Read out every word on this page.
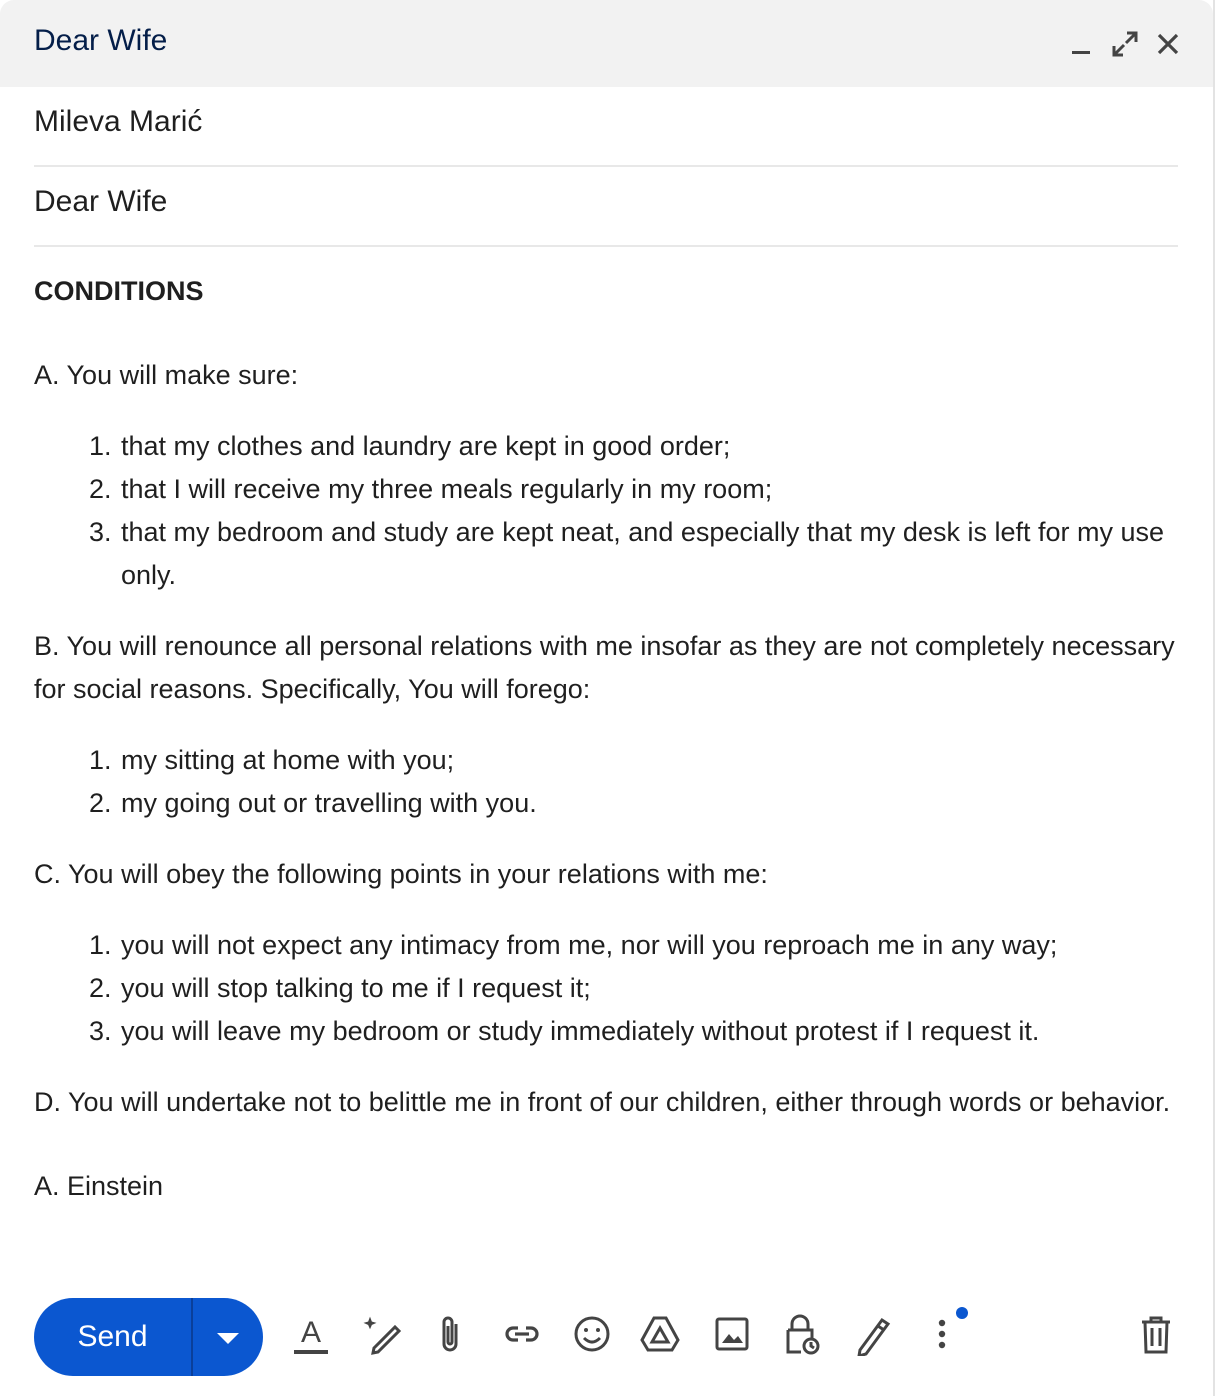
Dear Wife
Mileva Marić
Dear Wife

CONDITIONS

A. You will make sure:

1. that my clothes and laundry are kept in good order;
2. that I will receive my three meals regularly in my room;
3. that my bedroom and study are kept neat, and especially that my desk is left for my use only.

B. You will renounce all personal relations with me insofar as they are not completely necessary for social reasons. Specifically, You will forego:

1. my sitting at home with you;
2. my going out or travelling with you.

C. You will obey the following points in your relations with me:

1. you will not expect any intimacy from me, nor will you reproach me in any way;
2. you will stop talking to me if I request it;
3. you will leave my bedroom or study immediately without protest if I request it.

D. You will undertake not to belittle me in front of our children, either through words or behavior.

A. Einstein

Send	A
